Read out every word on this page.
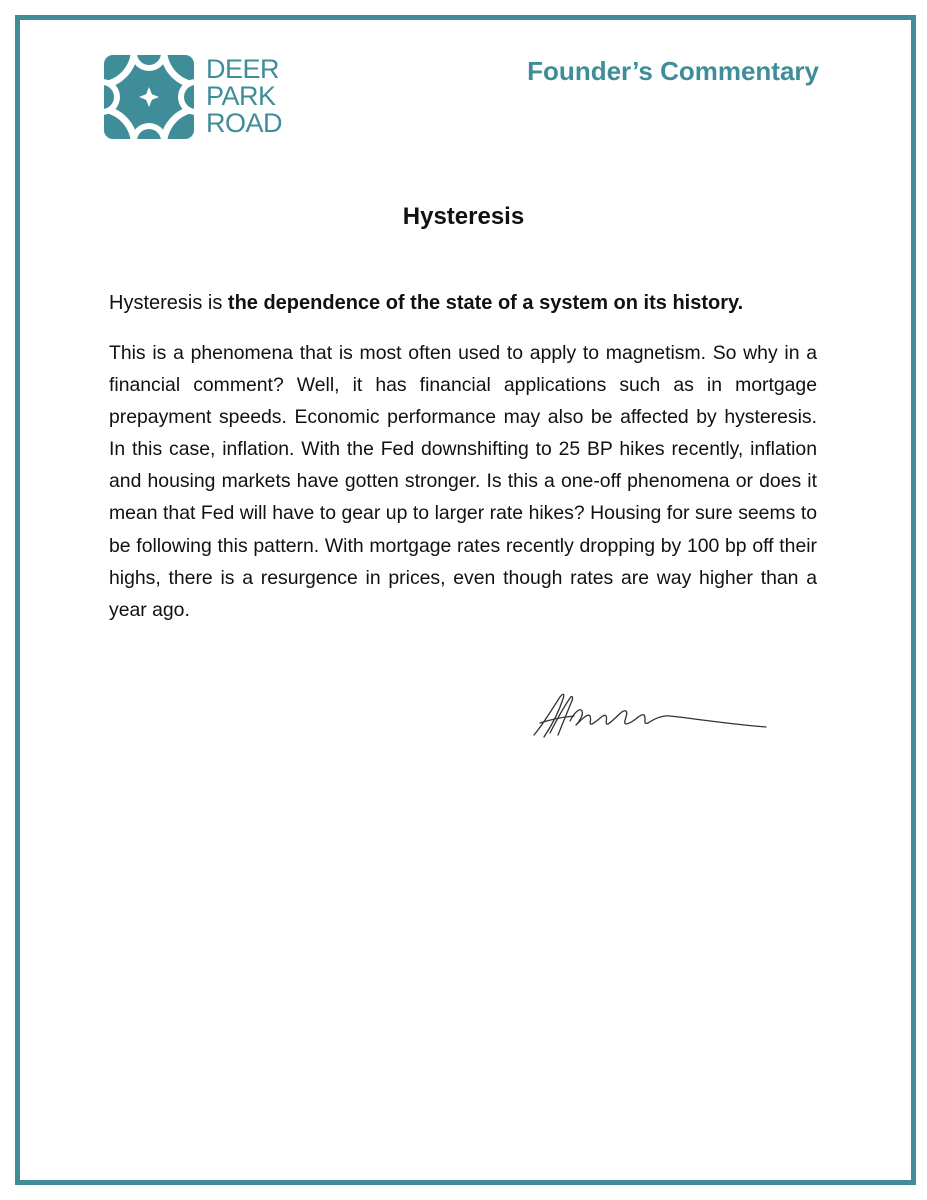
DEER
PARK
ROAD
Founder’s Commentary
Hysteresis
Hysteresis is the dependence of the state of a system on its history.

This is a phenomena that is most often used to apply to magnetism. So why in a financial comment? Well, it has financial applications such as in mortgage prepayment speeds. Economic performance may also be affected by hysteresis. In this case, inflation. With the Fed downshifting to 25 BP hikes recently, inflation and housing markets have gotten stronger. Is this a one-off phenomena or does it mean that Fed will have to gear up to larger rate hikes? Housing for sure seems to be following this pattern. With mortgage rates recently dropping by 100 bp off their highs, there is a resurgence in prices, even though rates are way higher than a year ago.
